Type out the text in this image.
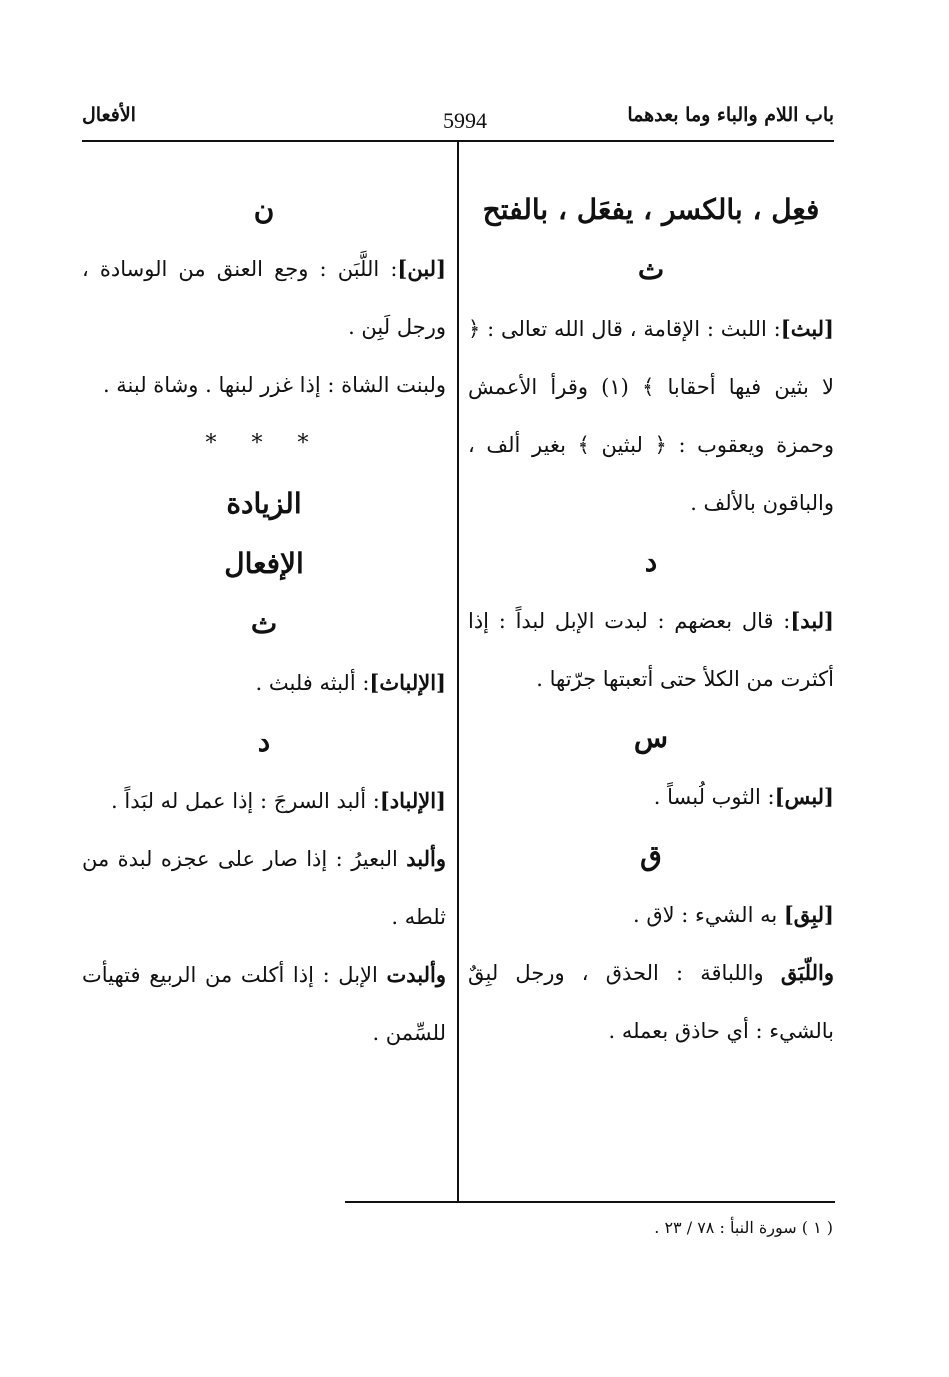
باب اللام والباء وما بعدهما
5994
الأفعال

فعِل ، بالكسر ، يفعَل ، بالفتح

ث

[لبث]: اللبث : الإقامة ، قال الله تعالى : ﴿ لا بثين فيها أحقابا ﴾ (١) وقرأ الأعمش وحمزة ويعقوب : ﴿ لبثين ﴾ بغير ألف ، والباقون بالألف .

د

[لبد]: قال بعضهم : لبدت الإبل لبداً : إذا أكثرت من الكلأ حتى أتعبتها جرّتها .

س

[لبس]: الثوب لُبساً .

ق

[لبِق] به الشيء : لاق .

واللّبَق واللباقة : الحذق ، ورجل لبِقٌ بالشيء : أي حاذق بعمله .

ن

[لبن]: اللَّبَن : وجع العنق من الوسادة ، ورجل لَبِن .

ولبنت الشاة : إذا غزر لبنها . وشاة لبنة .

* * *

الزيادة

الإفعال

ث

[الإلباث]: ألبثه فلبث .

د

[الإلباد]: ألبد السرجَ : إذا عمل له لبَداً .

وألبد البعيرُ : إذا صار على عجزه لبدة من ثلطه .

وألبدت الإبل : إذا أكلت من الربيع فتهيأت للسِّمن .

( ١ ) سورة النبأ : ٧٨ / ٢٣ .
